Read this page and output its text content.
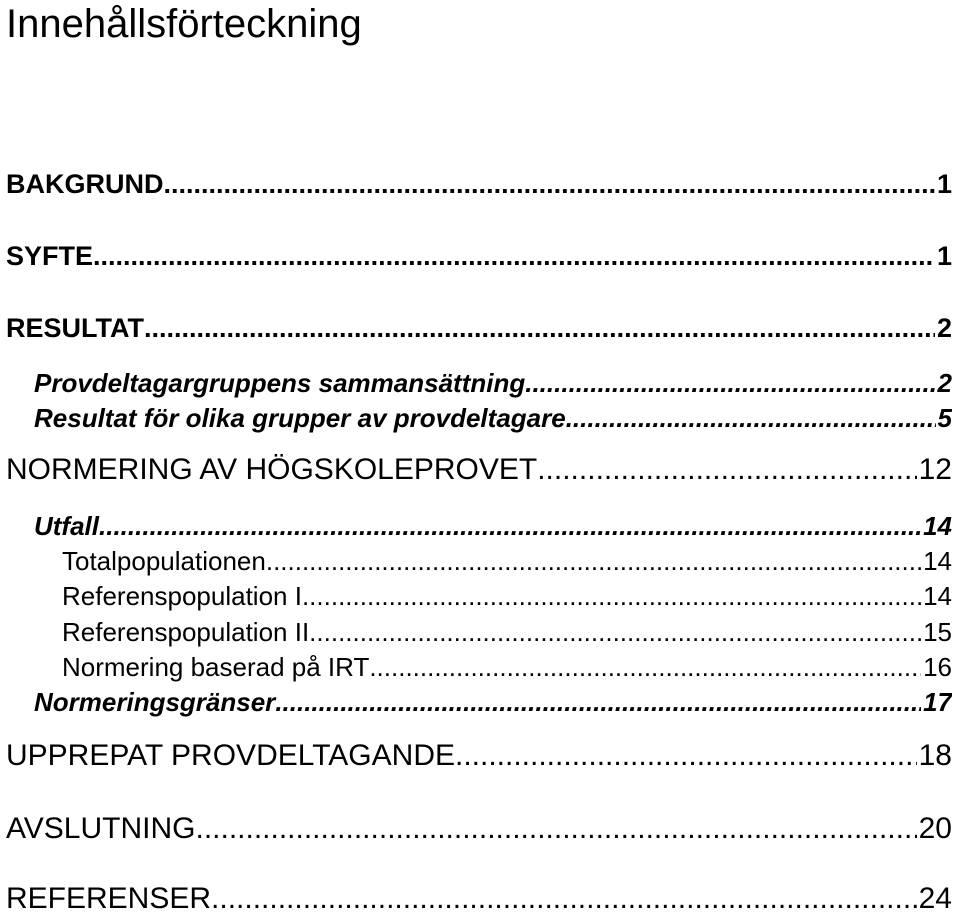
Innehållsförteckning
BAKGRUND .....	1
SYFTE .....	1
RESULTAT .....	2
Provdeltagargruppens sammansättning .....	2
Resultat för olika grupper av provdeltagare .....	5
NORMERING AV HÖGSKOLEPROVET .....	12
Utfall .....	14
Totalpopulationen .....	14
Referenspopulation I .....	14
Referenspopulation II .....	15
Normering baserad på IRT .....	16
Normeringsgränser .....	17
UPPREPAT PROVDELTAGANDE .....	18
AVSLUTNING .....	20
REFERENSER .....	24
